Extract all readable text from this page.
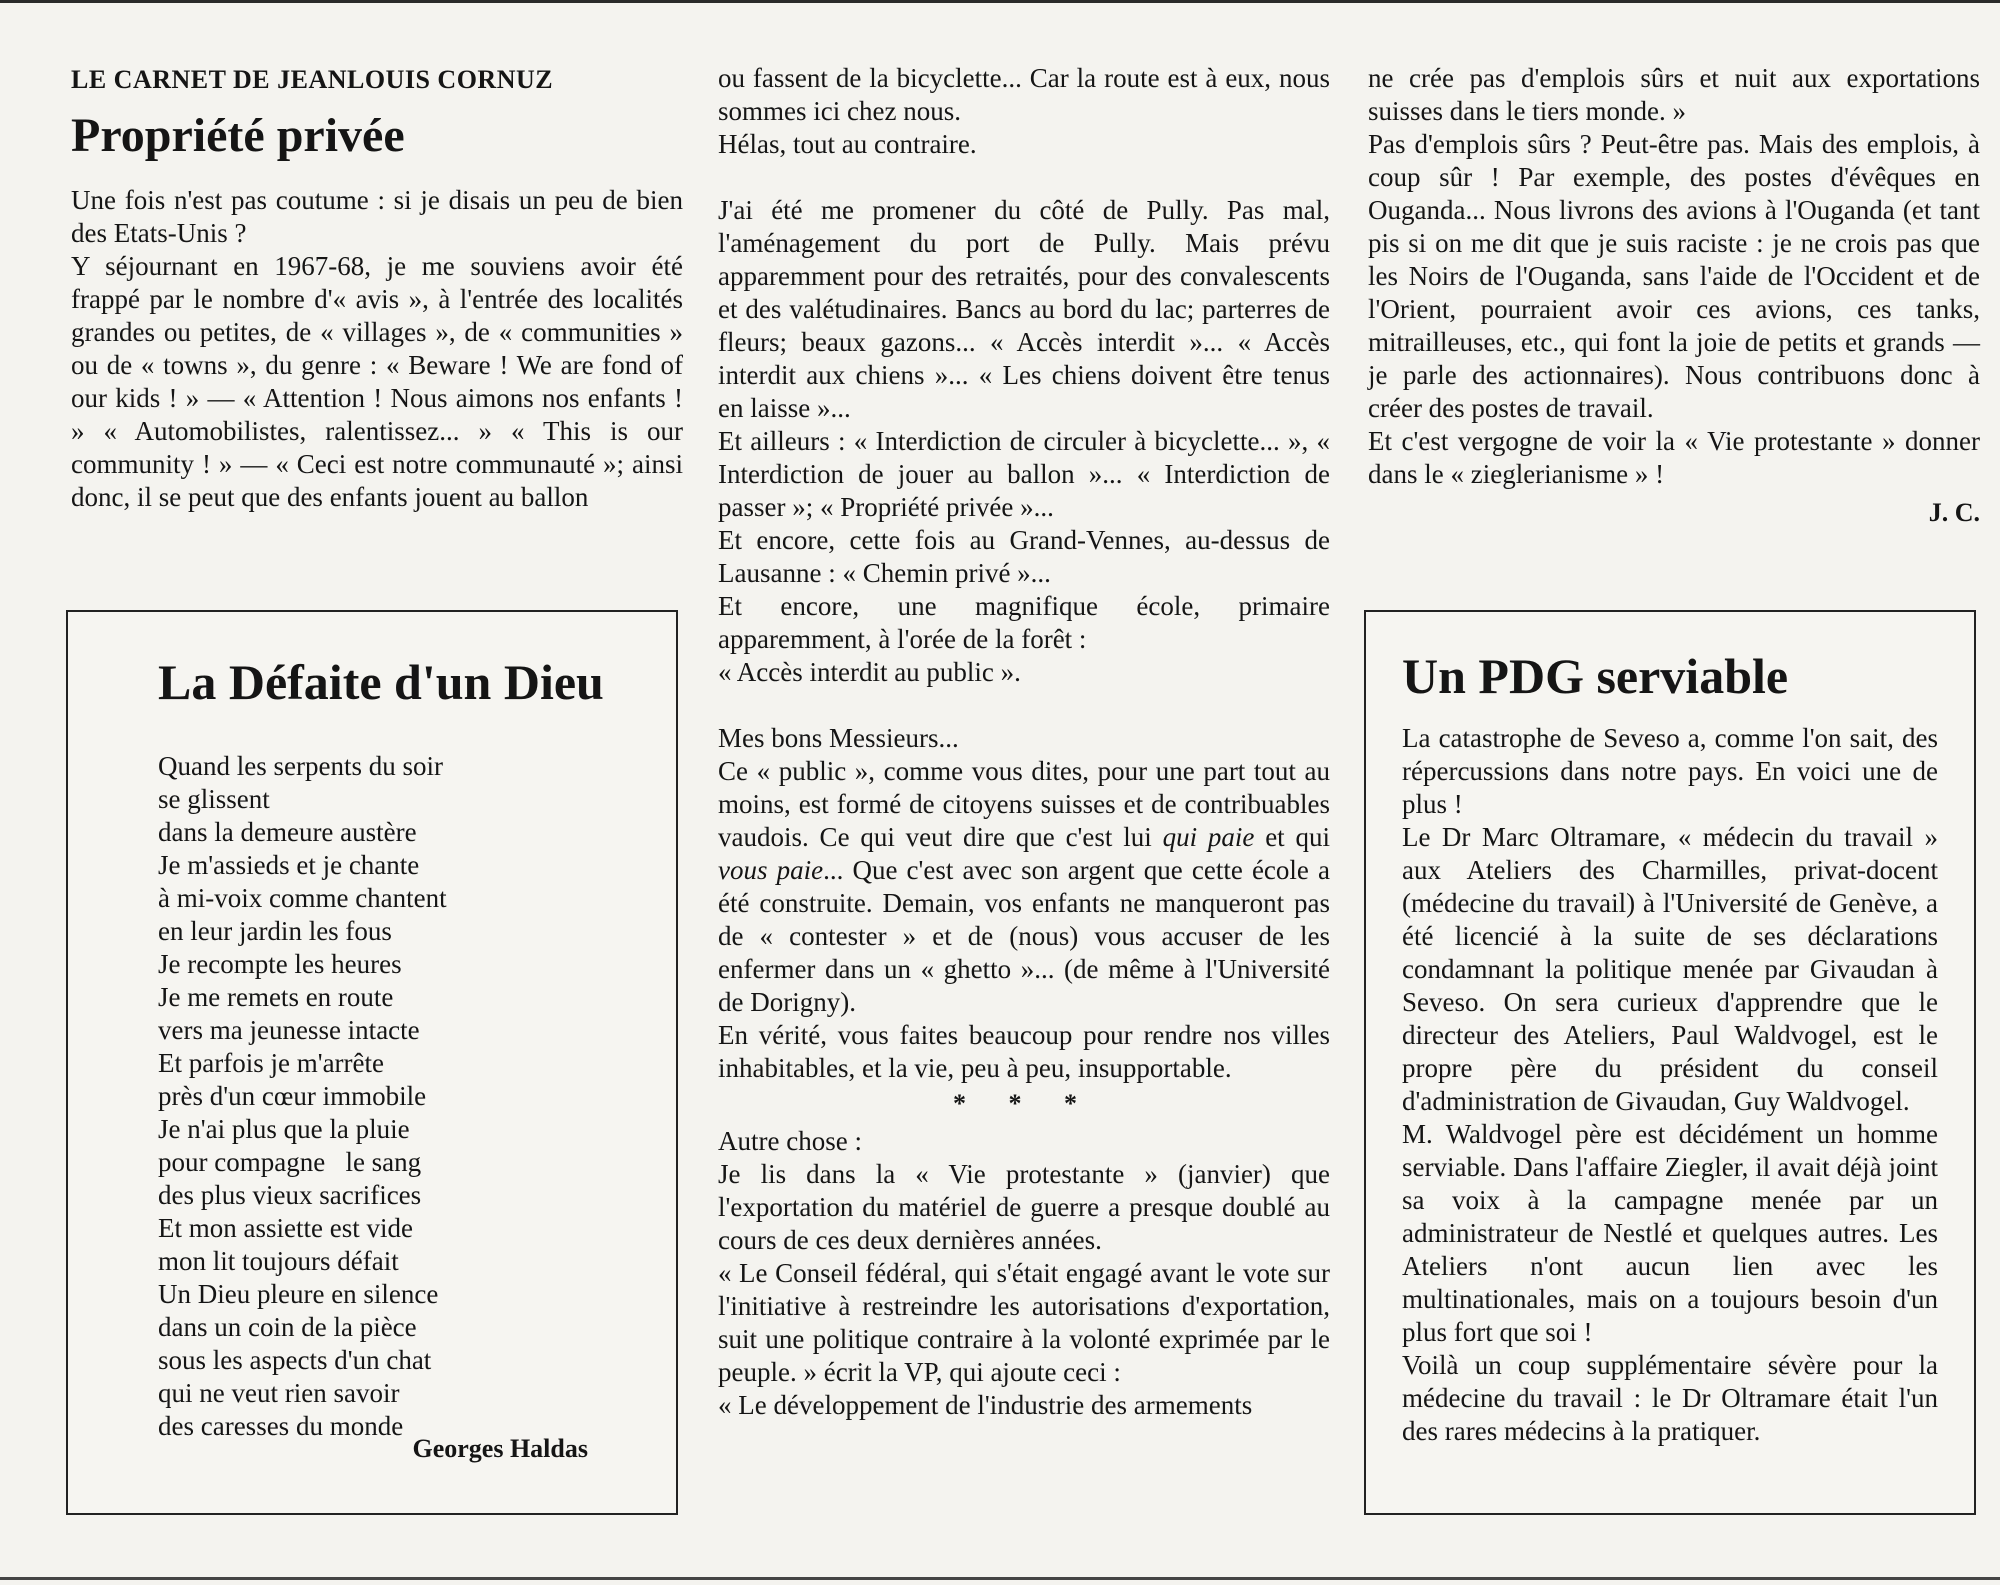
LE CARNET DE JEANLOUIS CORNUZ

Propriété privée

Une fois n'est pas coutume : si je disais un peu de bien des Etats-Unis ?

Y séjournant en 1967-68, je me souviens avoir été frappé par le nombre d'« avis », à l'entrée des localités grandes ou petites, de « villages », de « communities » ou de « towns », du genre : « Beware ! We are fond of our kids ! » — « Attention ! Nous aimons nos enfants ! » « Automobilistes, ralentissez... » « This is our community ! » — « Ceci est notre communauté »; ainsi donc, il se peut que des enfants jouent au ballon

La Défaite d'un Dieu
Quand les serpents du soir
se glissent
dans la demeure austère
Je m'assieds et je chante
à mi-voix comme chantent
en leur jardin les fous
Je recompte les heures
Je me remets en route
vers ma jeunesse intacte
Et parfois je m'arrête
près d'un cœur immobile
Je n'ai plus que la pluie
pour compagne   le sang
des plus vieux sacrifices
Et mon assiette est vide
mon lit toujours défait
Un Dieu pleure en silence
dans un coin de la pièce
sous les aspects d'un chat
qui ne veut rien savoir
des caresses du monde
Georges Haldas

ou fassent de la bicyclette... Car la route est à eux, nous sommes ici chez nous.

Hélas, tout au contraire.

J'ai été me promener du côté de Pully. Pas mal, l'aménagement du port de Pully. Mais prévu apparemment pour des retraités, pour des convalescents et des valétudinaires. Bancs au bord du lac; parterres de fleurs; beaux gazons... « Accès interdit »... « Accès interdit aux chiens »... « Les chiens doivent être tenus en laisse »...

Et ailleurs : « Interdiction de circuler à bicyclette... », « Interdiction de jouer au ballon »... « Interdiction de passer »; « Propriété privée »...

Et encore, cette fois au Grand-Vennes, au-dessus de Lausanne : « Chemin privé »...

Et encore, une magnifique école, primaire apparemment, à l'orée de la forêt :

« Accès interdit au public ».

Mes bons Messieurs...

Ce « public », comme vous dites, pour une part tout au moins, est formé de citoyens suisses et de contribuables vaudois. Ce qui veut dire que c'est lui qui paie et qui vous paie... Que c'est avec son argent que cette école a été construite. Demain, vos enfants ne manqueront pas de « contester » et de (nous) vous accuser de les enfermer dans un « ghetto »... (de même à l'Université de Dorigny).

En vérité, vous faites beaucoup pour rendre nos villes inhabitables, et la vie, peu à peu, insupportable.

* * *

Autre chose :

Je lis dans la « Vie protestante » (janvier) que l'exportation du matériel de guerre a presque doublé au cours de ces deux dernières années.

« Le Conseil fédéral, qui s'était engagé avant le vote sur l'initiative à restreindre les autorisations d'exportation, suit une politique contraire à la volonté exprimée par le peuple. » écrit la VP, qui ajoute ceci :

« Le développement de l'industrie des armements

ne crée pas d'emplois sûrs et nuit aux exportations suisses dans le tiers monde. »

Pas d'emplois sûrs ? Peut-être pas. Mais des emplois, à coup sûr ! Par exemple, des postes d'évêques en Ouganda... Nous livrons des avions à l'Ouganda (et tant pis si on me dit que je suis raciste : je ne crois pas que les Noirs de l'Ouganda, sans l'aide de l'Occident et de l'Orient, pourraient avoir ces avions, ces tanks, mitrailleuses, etc., qui font la joie de petits et grands — je parle des actionnaires). Nous contribuons donc à créer des postes de travail.

Et c'est vergogne de voir la « Vie protestante » donner dans le « zieglerianisme » !

J. C.

Un PDG serviable

La catastrophe de Seveso a, comme l'on sait, des répercussions dans notre pays. En voici une de plus !

Le Dr Marc Oltramare, « médecin du travail » aux Ateliers des Charmilles, privat-docent (médecine du travail) à l'Université de Genève, a été licencié à la suite de ses déclarations condamnant la politique menée par Givaudan à Seveso. On sera curieux d'apprendre que le directeur des Ateliers, Paul Waldvogel, est le propre père du président du conseil d'administration de Givaudan, Guy Waldvogel.

M. Waldvogel père est décidément un homme serviable. Dans l'affaire Ziegler, il avait déjà joint sa voix à la campagne menée par un administrateur de Nestlé et quelques autres. Les Ateliers n'ont aucun lien avec les multinationales, mais on a toujours besoin d'un plus fort que soi !

Voilà un coup supplémentaire sévère pour la médecine du travail : le Dr Oltramare était l'un des rares médecins à la pratiquer.
